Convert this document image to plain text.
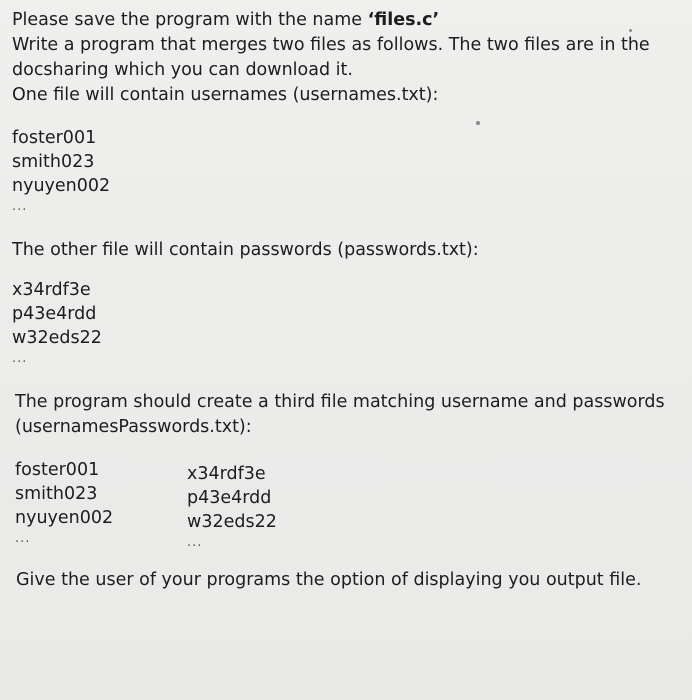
Please save the program with the name ‘files.c’

Write a program that merges two files as follows. The two files are in the

docsharing which you can download it.

One file will contain usernames (usernames.txt):

foster001

smith023

nyuyen002

...

The other file will contain passwords (passwords.txt):

x34rdf3e

p43e4rdd

w32eds22

...

The program should create a third file matching username and passwords

(usernamesPasswords.txt):

foster001

smith023

nyuyen002

...

x34rdf3e

p43e4rdd

w32eds22

...

Give the user of your programs the option of displaying you output file.
